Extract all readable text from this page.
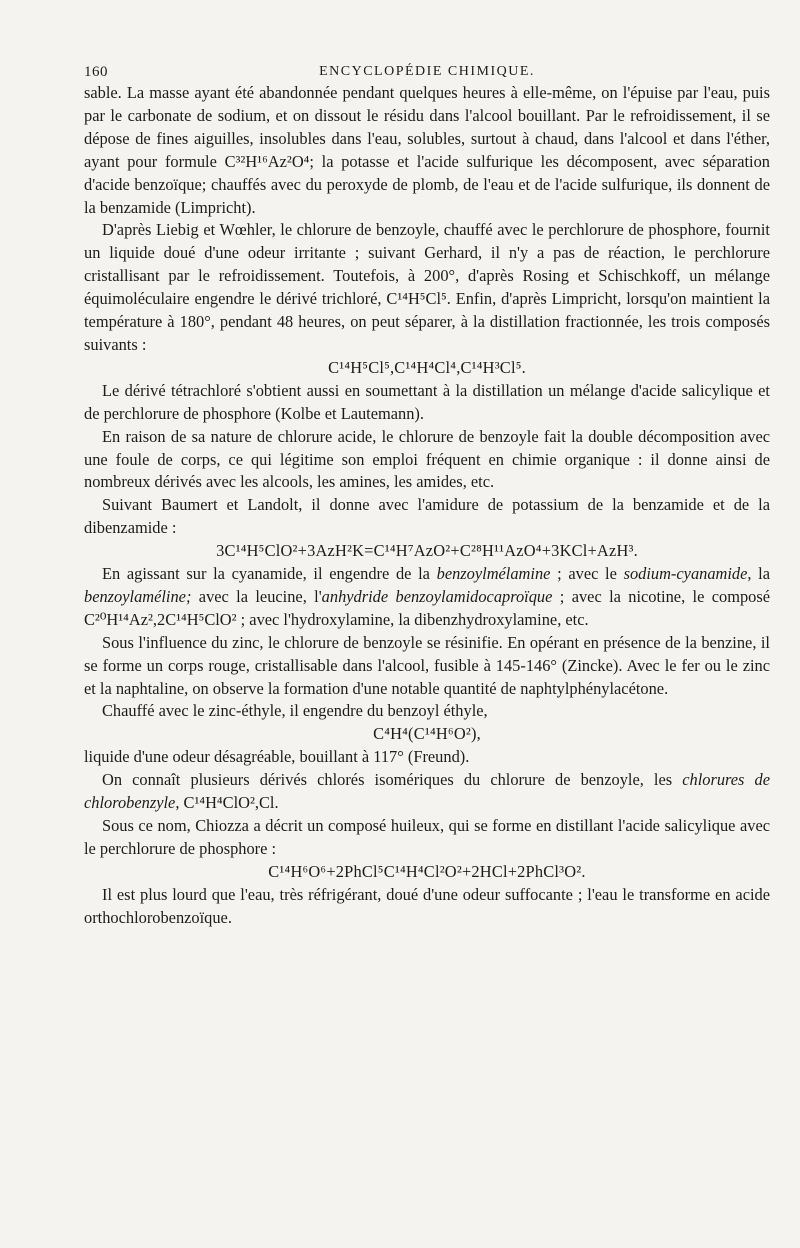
160	ENCYCLOPÉDIE CHIMIQUE.

sable. La masse ayant été abandonnée pendant quelques heures à elle-même, on l'épuise par l'eau, puis par le carbonate de sodium, et on dissout le résidu dans l'alcool bouillant. Par le refroidissement, il se dépose de fines aiguilles, insolubles dans l'eau, solubles, surtout à chaud, dans l'alcool et dans l'éther, ayant pour formule C³²H¹⁶Az²O⁴; la potasse et l'acide sulfurique les décomposent, avec séparation d'acide benzoïque; chauffés avec du peroxyde de plomb, de l'eau et de l'acide sulfurique, ils donnent de la benzamide (Limpricht).

D'après Liebig et Wœhler, le chlorure de benzoyle, chauffé avec le perchlorure de phosphore, fournit un liquide doué d'une odeur irritante ; suivant Gerhard, il n'y a pas de réaction, le perchlorure cristallisant par le refroidissement. Toutefois, à 200°, d'après Rosing et Schischkoff, un mélange équimoléculaire engendre le dérivé trichloré, C¹⁴H⁵Cl⁵. Enfin, d'après Limpricht, lorsqu'on maintient la température à 180°, pendant 48 heures, on peut séparer, à la distillation fractionnée, les trois composés suivants :

C¹⁴H⁵Cl⁵,C¹⁴H⁴Cl⁴,C¹⁴H³Cl⁵.

Le dérivé tétrachloré s'obtient aussi en soumettant à la distillation un mélange d'acide salicylique et de perchlorure de phosphore (Kolbe et Lautemann).

En raison de sa nature de chlorure acide, le chlorure de benzoyle fait la double décomposition avec une foule de corps, ce qui légitime son emploi fréquent en chimie organique : il donne ainsi de nombreux dérivés avec les alcools, les amines, les amides, etc.

Suivant Baumert et Landolt, il donne avec l'amidure de potassium de la benzamide et de la dibenzamide :

3C¹⁴H⁵ClO²+3AzH²K=C¹⁴H⁷AzO²+C²⁸H¹¹AzO⁴+3KCl+AzH³.

En agissant sur la cyanamide, il engendre de la benzoylmélamine ; avec le sodium-cyanamide, la benzoylaméline; avec la leucine, l'anhydride benzoylamidocaproïque ; avec la nicotine, le composé C²⁰H¹⁴Az²,2C¹⁴H⁵ClO² ; avec l'hydroxylamine, la dibenzhydroxylamine, etc.

Sous l'influence du zinc, le chlorure de benzoyle se résinifie. En opérant en présence de la benzine, il se forme un corps rouge, cristallisable dans l'alcool, fusible à 145-146° (Zincke). Avec le fer ou le zinc et la naphtaline, on observe la formation d'une notable quantité de naphtylphénylacétone.

Chauffé avec le zinc-éthyle, il engendre du benzoyl éthyle,

C⁴H⁴(C¹⁴H⁶O²),

liquide d'une odeur désagréable, bouillant à 117° (Freund).

On connaît plusieurs dérivés chlorés isomériques du chlorure de benzoyle, les chlorures de chlorobenzyle, C¹⁴H⁴ClO²,Cl.

Sous ce nom, Chiozza a décrit un composé huileux, qui se forme en distillant l'acide salicylique avec le perchlorure de phosphore :

C¹⁴H⁶O⁶+2PhCl⁵C¹⁴H⁴Cl²O²+2HCl+2PhCl³O².

Il est plus lourd que l'eau, très réfrigérant, doué d'une odeur suffocante ; l'eau le transforme en acide orthochlorobenzoïque.
